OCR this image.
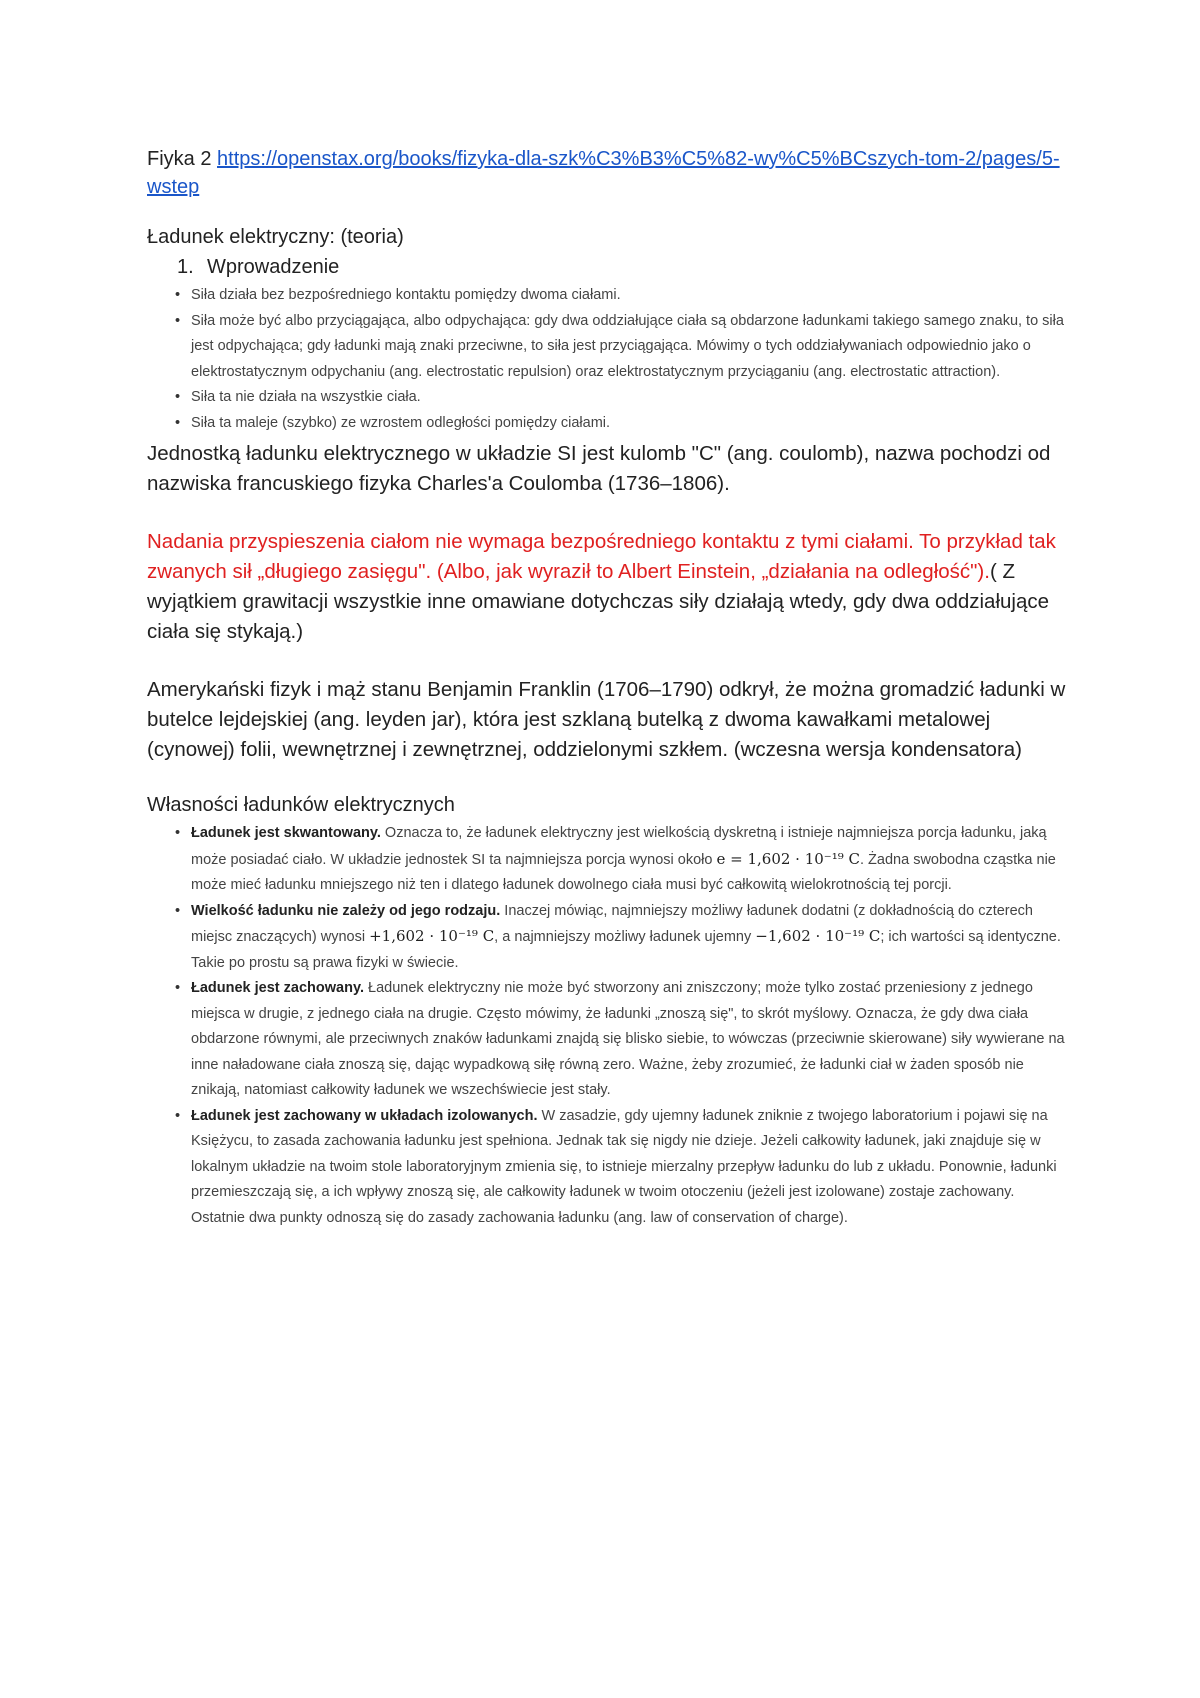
Fiyka 2 https://openstax.org/books/fizyka-dla-szk%C3%B3%C5%82-wy%C5%BCszych-tom-2/pages/5-wstep
Ładunek elektryczny: (teoria)
1. Wprowadzenie
• Siła działa bez bezpośredniego kontaktu pomiędzy dwoma ciałami.
• Siła może być albo przyciągająca, albo odpychająca: gdy dwa oddziałujące ciała są obdarzone ładunkami takiego samego znaku, to siła jest odpychająca; gdy ładunki mają znaki przeciwne, to siła jest przyciągająca. Mówimy o tych oddziaływaniach odpowiednio jako o elektrostatycznym odpychaniu (ang. electrostatic repulsion) oraz elektrostatycznym przyciąganiu (ang. electrostatic attraction).
• Siła ta nie działa na wszystkie ciała.
• Siła ta maleje (szybko) ze wzrostem odległości pomiędzy ciałami.

Jednostką ładunku elektrycznego w układzie SI jest kulomb "C" (ang. coulomb), nazwa pochodzi od nazwiska francuskiego fizyka Charles'a Coulomba (1736–1806).

Nadania przyspieszenia ciałom nie wymaga bezpośredniego kontaktu z tymi ciałami. To przykład tak zwanych sił „długiego zasięgu". (Albo, jak wyraził to Albert Einstein, „działania na odległość").( Z wyjątkiem grawitacji wszystkie inne omawiane dotychczas siły działają wtedy, gdy dwa oddziałujące ciała się stykają.)

Amerykański fizyk i mąż stanu Benjamin Franklin (1706–1790) odkrył, że można gromadzić ładunki w butelce lejdejskiej (ang. leyden jar), która jest szklaną butelką z dwoma kawałkami metalowej (cynowej) folii, wewnętrznej i zewnętrznej, oddzielonymi szkłem. (wczesna wersja kondensatora)

Własności ładunków elektrycznych
• Ładunek jest skwantowany. Oznacza to, że ładunek elektryczny jest wielkością dyskretną i istnieje najmniejsza porcja ładunku, jaką może posiadać ciało. W układzie jednostek SI ta najmniejsza porcja wynosi około e = 1,602 · 10⁻¹⁹ C. Żadna swobodna cząstka nie może mieć ładunku mniejszego niż ten i dlatego ładunek dowolnego ciała musi być całkowitą wielokrotnością tej porcji.
• Wielkość ładunku nie zależy od jego rodzaju. Inaczej mówiąc, najmniejszy możliwy ładunek dodatni (z dokładnością do czterech miejsc znaczących) wynosi +1,602 · 10⁻¹⁹ C, a najmniejszy możliwy ładunek ujemny −1,602 · 10⁻¹⁹ C; ich wartości są identyczne. Takie po prostu są prawa fizyki w świecie.
• Ładunek jest zachowany. Ładunek elektryczny nie może być stworzony ani zniszczony; może tylko zostać przeniesiony z jednego miejsca w drugie, z jednego ciała na drugie. Często mówimy, że ładunki „znoszą się", to skrót myślowy. Oznacza, że gdy dwa ciała obdarzone równymi, ale przeciwnych znaków ładunkami znajdą się blisko siebie, to wówczas (przeciwnie skierowane) siły wywierane na inne naładowane ciała znoszą się, dając wypadkową siłę równą zero. Ważne, żeby zrozumieć, że ładunki ciał w żaden sposób nie znikają, natomiast całkowity ładunek we wszechświecie jest stały.
• Ładunek jest zachowany w układach izolowanych. W zasadzie, gdy ujemny ładunek zniknie z twojego laboratorium i pojawi się na Księżycu, to zasada zachowania ładunku jest spełniona. Jednak tak się nigdy nie dzieje. Jeżeli całkowity ładunek, jaki znajduje się w lokalnym układzie na twoim stole laboratoryjnym zmienia się, to istnieje mierzalny przepływ ładunku do lub z układu. Ponownie, ładunki przemieszczają się, a ich wpływy znoszą się, ale całkowity ładunek w twoim otoczeniu (jeżeli jest izolowane) zostaje zachowany. Ostatnie dwa punkty odnoszą się do zasady zachowania ładunku (ang. law of conservation of charge).
